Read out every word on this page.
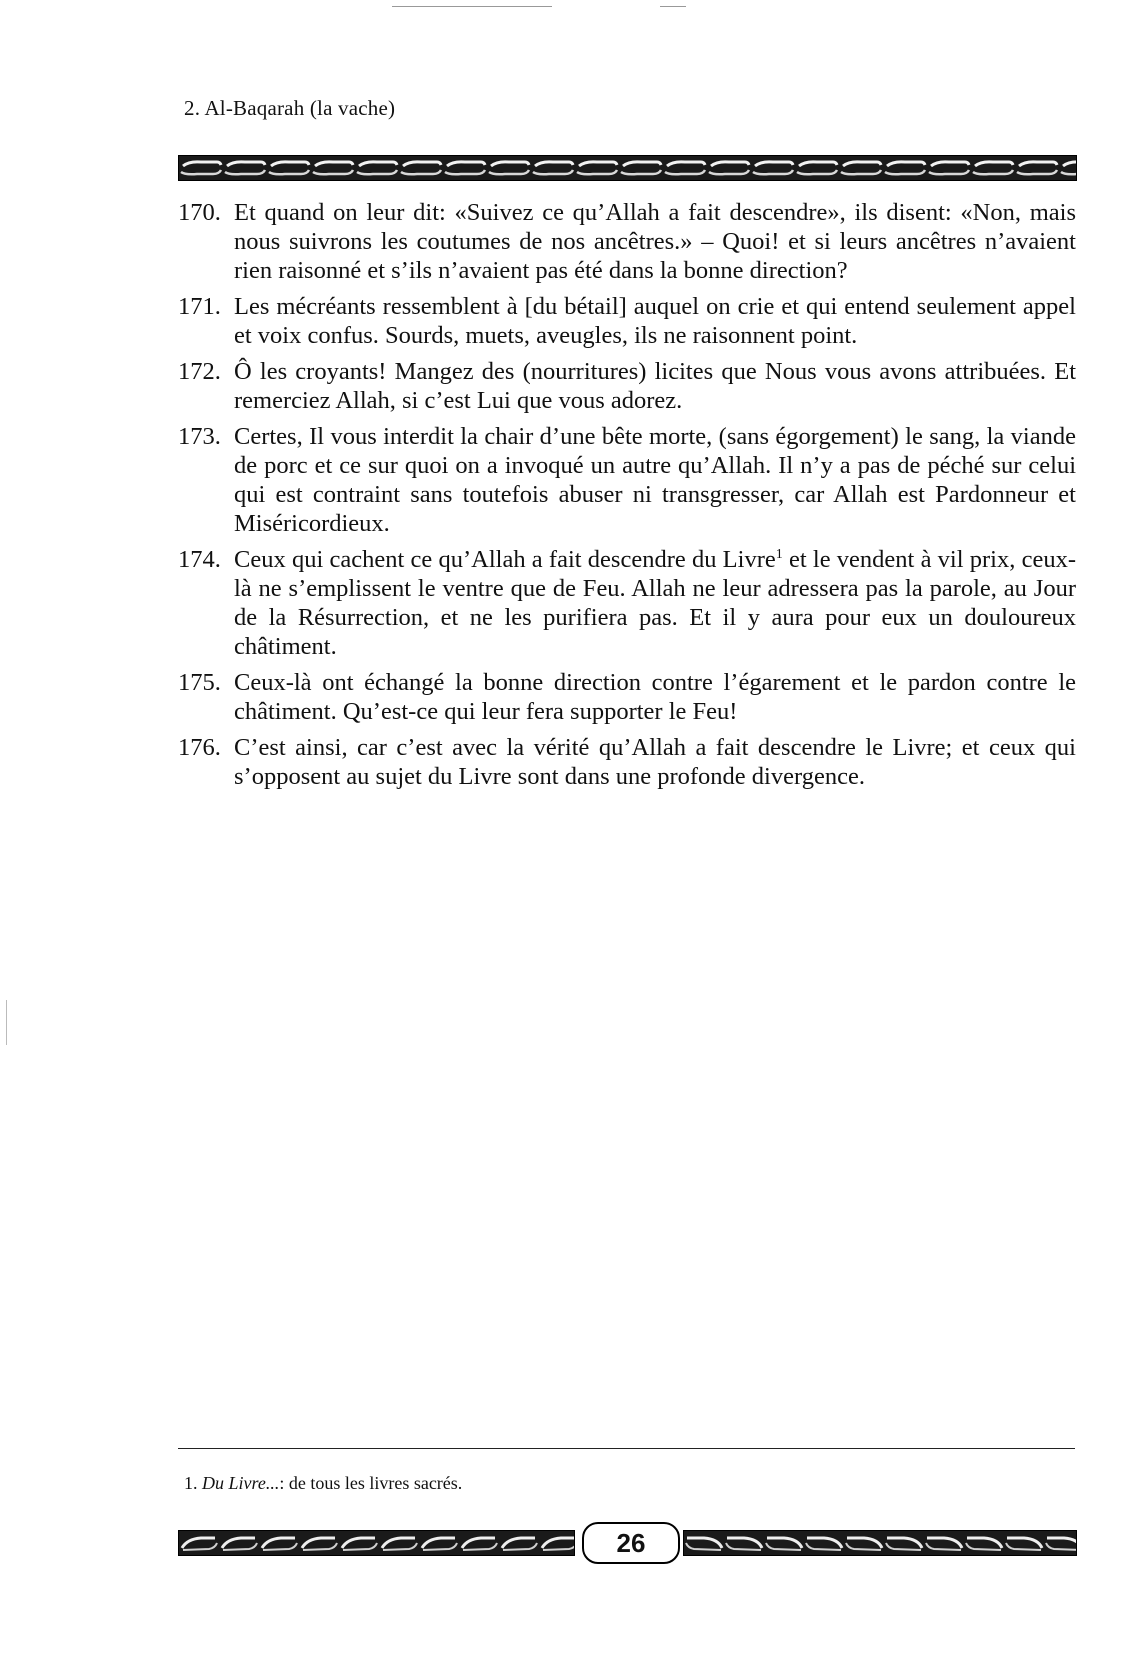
2. Al-Baqarah (la vache)
170. Et quand on leur dit: «Suivez ce qu’Allah a fait descendre», ils disent: «Non, mais nous suivrons les coutumes de nos ancêtres.» – Quoi! et si leurs ancêtres n’avaient rien raisonné et s’ils n’avaient pas été dans la bonne direction?
171. Les mécréants ressemblent à [du bétail] auquel on crie et qui entend seulement appel et voix confus. Sourds, muets, aveugles, ils ne raisonnent point.
172. Ô les croyants! Mangez des (nourritures) licites que Nous vous avons attribuées. Et remerciez Allah, si c’est Lui que vous adorez.
173. Certes, Il vous interdit la chair d’une bête morte, (sans égorgement) le sang, la viande de porc et ce sur quoi on a invoqué un autre qu’Allah. Il n’y a pas de péché sur celui qui est contraint sans toutefois abuser ni transgresser, car Allah est Pardonneur et Miséricordieux.
174. Ceux qui cachent ce qu’Allah a fait descendre du Livre$^1$ et le vendent à vil prix, ceux-là ne s’emplissent le ventre que de Feu. Allah ne leur adressera pas la parole, au Jour de la Résurrection, et ne les purifiera pas. Et il y aura pour eux un douloureux châtiment.
175. Ceux-là ont échangé la bonne direction contre l’égarement et le pardon contre le châtiment. Qu’est-ce qui leur fera supporter le Feu!
176. C’est ainsi, car c’est avec la vérité qu’Allah a fait descendre le Livre; et ceux qui s’opposent au sujet du Livre sont dans une profonde divergence.
1. Du Livre...: de tous les livres sacrés.
26
